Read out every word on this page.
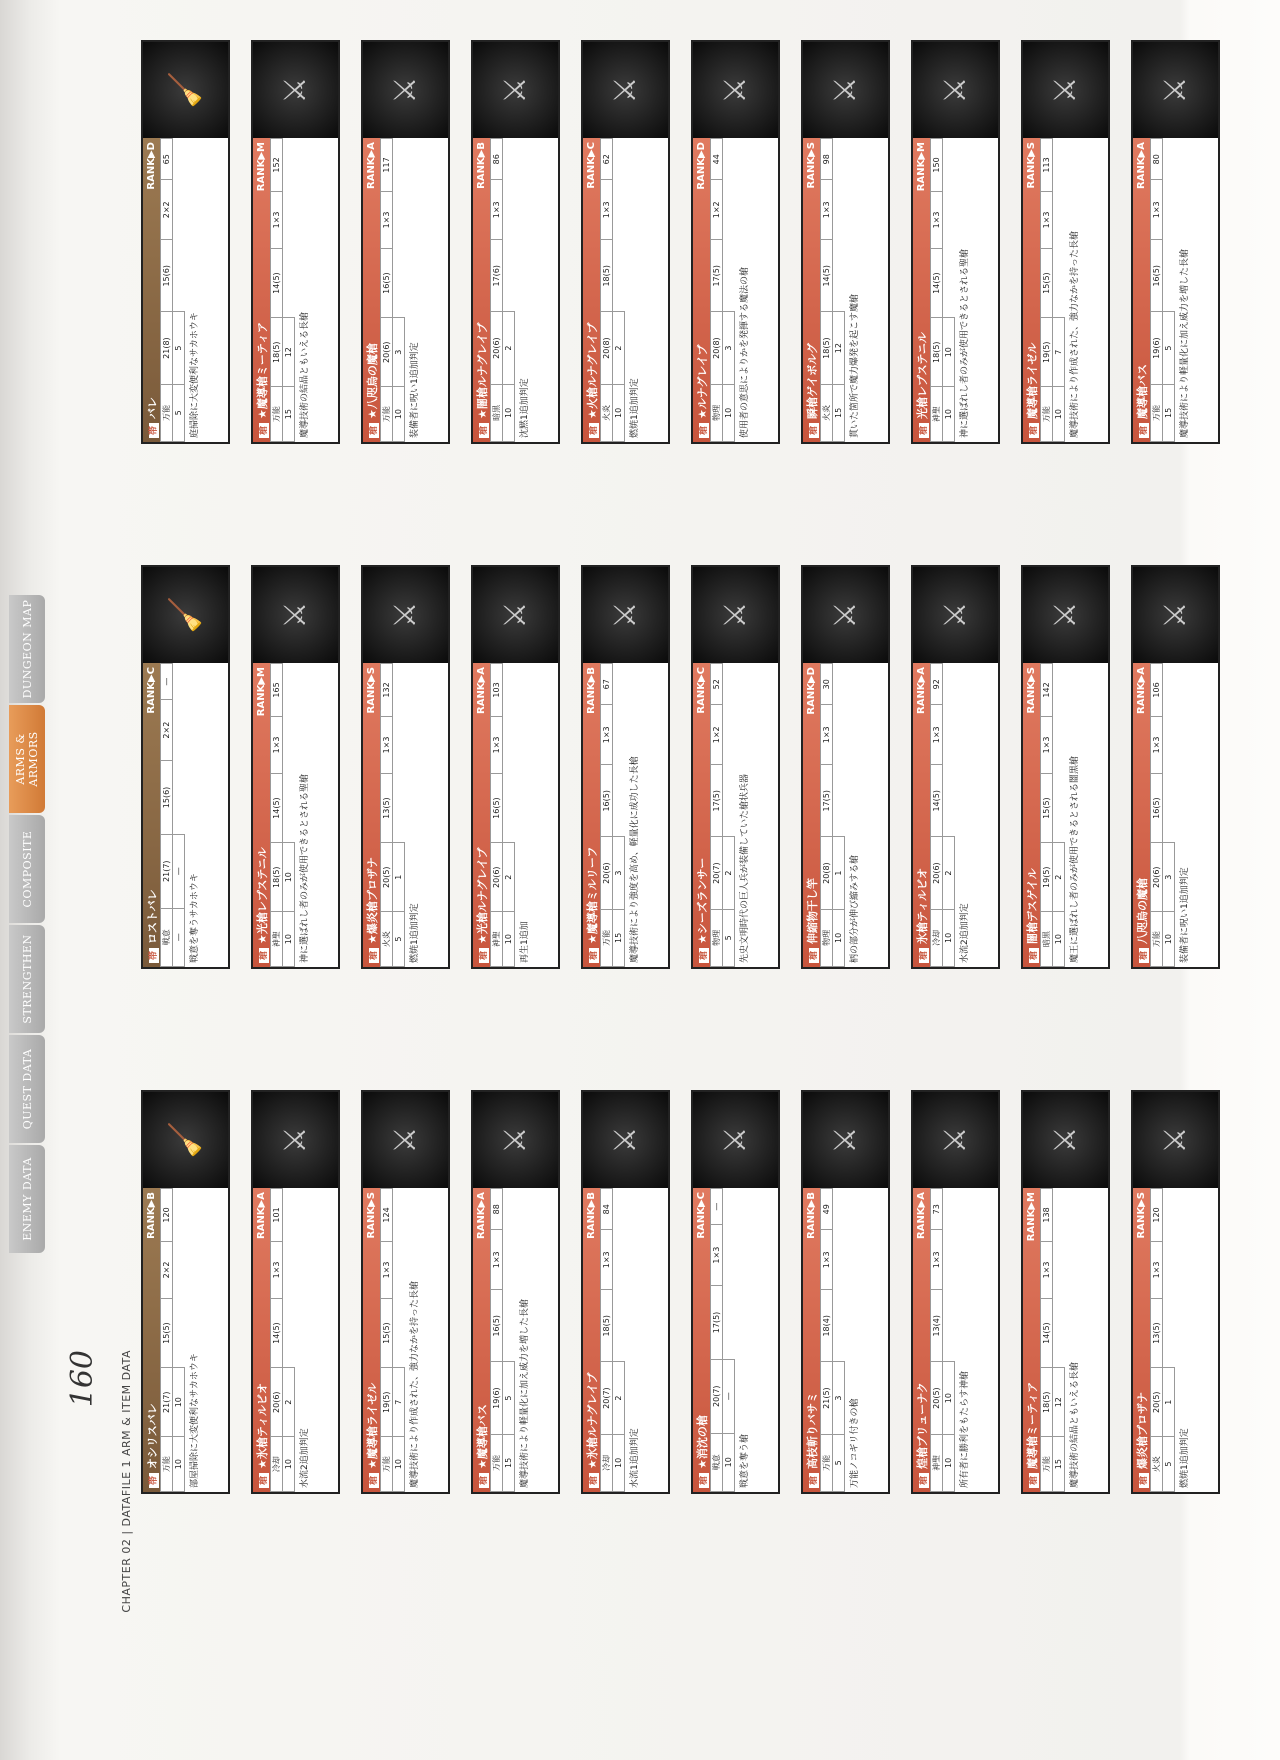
⚔
槍爆炎槍プロザナ
RANK▶S
火炎	20(5)	13(5)	1×3	120
5	1			
燃焼1追加判定
⚔
槍魔導槍ミーティア
RANK▶M
万能	18(5)	14(5)	1×3	138
15	12			魔導技術の結晶ともいえる長槍
⚔
槍煌槍ブリューナク
RANK▶A
神聖	20(5)	13(4)	1×3	73
10	10			所有者に勝利をもたらす神槍
⚔
槍高枝斬りバサミ
RANK▶B
万能	21(5)	18(4)	1×3	49
5	3			
万能ノコギリ付きの槍
⚔
槍★消沈の槍
RANK▶C
戦意	20(7)	17(5)	1×3	—
10	—			
戦意を奪う槍
⚔
槍★氷槍ルナグレイブ
RANK▶B
冷却	20(7)	18(5)	1×3	84
10	2			
水流1追加判定
⚔
槍★魔導槍バス
RANK▶A
万能	19(6)	16(5)	1×3	88
15	5			魔導技術により軽量化に加え威力を増した長槍
⚔
槍★魔導槍ライゼル
RANK▶S
万能	19(5)	15(5)	1×3	124
10	7			魔導技術により作成された、強力なかを持った長槍
⚔
槍★氷槍ティルビオ
RANK▶A
冷却	20(6)	14(5)	1×3	101
10	2			
水流2追加判定
🧹
帯オシリスバレ
RANK▶B
万能	21(7)	15(5)	2×2	120
10	10			部屋掃除に大変便利なサカホウキ
⚔
槍八咫烏の魔槍
RANK▶A
万能	20(6)	16(5)	1×3	106
10	3			装備者に呪い1追加判定
⚔
槍闇槍デスゲイル
RANK▶S
暗黒	19(5)	15(5)	1×3	142
10	2			魔王に選ばれし者のみが使用できるとされる闇黒槍
⚔
槍氷槍ティルビオ
RANK▶A
冷却	20(6)	14(5)	1×3	92
10	2			
水流2追加判定
⚔
槍伸縮物干し竿
RANK▶D
物理	20(8)	17(5)	1×3	30
10	1			柄の部分が伸び縮みする槍
⚔
槍★シーズランサー
RANK▶C
物理	20(7)	17(5)	1×2	52
5	2			先史文明時代の巨人兵が装備していた槍状兵器
⚔
槍★魔導槍ミルリーフ
RANK▶B
万能	20(6)	16(5)	1×3	67
15	3			魔導技術により強度を高め、軽量化に成功した長槍
⚔
槍★光槍ルナグレイブ
RANK▶A
神聖	20(6)	16(5)	1×3	103
10	2			
再生1追加
⚔
槍★爆炎槍プロザナ
RANK▶S
火炎	20(5)	13(5)	1×3	132
5	1			
燃焼1追加判定
⚔
槍★光槍レプステニル
RANK▶M
神聖	18(5)	14(5)	1×3	165
10	10			神に選ばれし者のみが使用できるとされる聖槍
🧹
帯ロストバレ
RANK▶C
戦意	21(7)	15(6)	2×2	—
—	—			
戦意を奪うサカホウキ
⚔
槍魔導槍バス
RANK▶A
万能	19(6)	16(5)	1×3	80
15	5			魔導技術により軽量化に加え威力を増した長槍
⚔
槍魔導槍ライゼル
RANK▶S
万能	19(5)	15(5)	1×3	113
10	7			魔導技術により作成された、強力なかを持った長槍
⚔
槍光槍レプステニル
RANK▶M
神聖	18(5)	14(5)	1×3	150
10	10			神に選ばれし者のみが使用できるとされる聖槍
⚔
槍瞬槍ゲイボルグ
RANK▶S
火炎	18(5)	14(5)	1×3	98
15	12			貫いた箇所で魔力爆発を起こす魔槍
⚔
槍★ルナグレイブ
RANK▶D
物理	20(8)	17(5)	1×2	44
10	3			使用者の意思によりかを発揮する魔法の槍
⚔
槍★火槍ルナグレイブ
RANK▶C
火炎	20(8)	18(5)	1×3	62
10	2			
燃焼1追加判定
⚔
槍★闇槍ルナグレイブ
RANK▶B
暗黒	20(6)	17(6)	1×3	86
10	2			
沈黙1追加判定
⚔
槍★八咫烏の魔槍
RANK▶A
万能	20(6)	16(5)	1×3	117
10	3			装備者に呪い1追加判定
⚔
槍★魔導槍ミーティア
RANK▶M
万能	18(5)	14(5)	1×3	152
15	12			魔導技術の結晶ともいえる長槍
🧹
帯バレ
RANK▶D
万能	21(8)	15(6)	2×2	65
5	5			庭掃除に大変便利なサカホウキ
ENEMY DATA
QUEST DATA
STRENGTHEN
COMPOSITE
ARMS & ARMORS
DUNGEON MAP
160 CHAPTER 02 | DATAFILE 1 ARM & ITEM DATA
